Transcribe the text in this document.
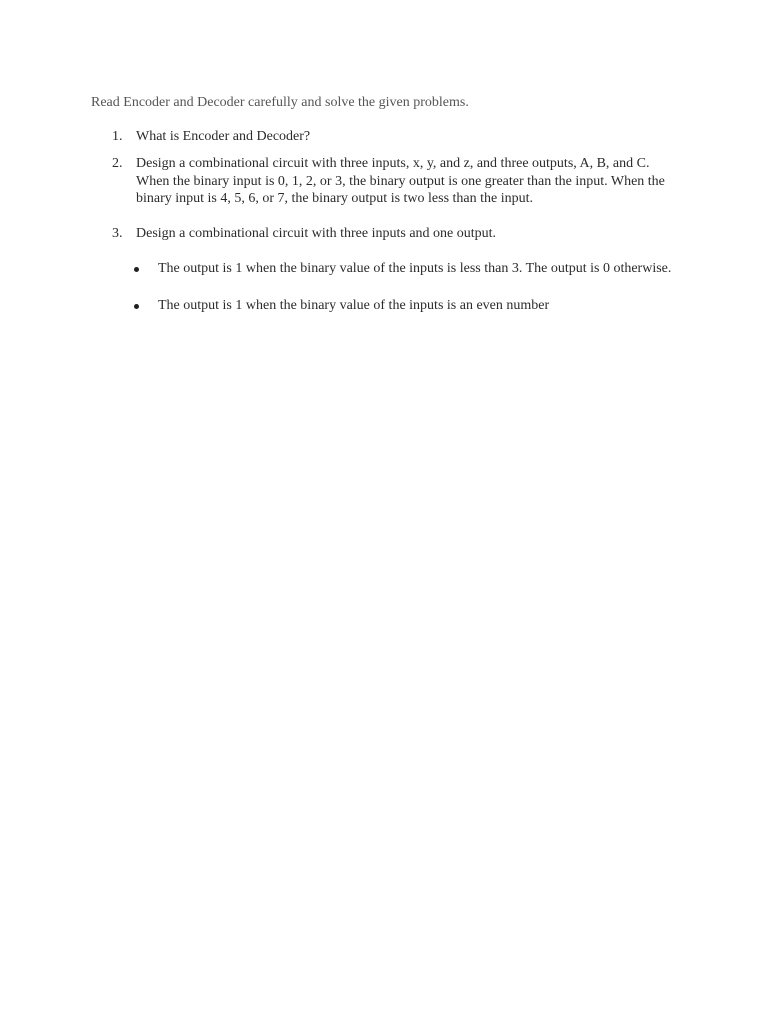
Read Encoder and Decoder carefully and solve the given problems.

1. What is Encoder and Decoder?
2. Design a combinational circuit with three inputs, x, y, and z, and three outputs, A, B, and C. When the binary input is 0, 1, 2, or 3, the binary output is one greater than the input. When the binary input is 4, 5, 6, or 7, the binary output is two less than the input.
3. Design a combinational circuit with three inputs and one output.
The output is 1 when the binary value of the inputs is less than 3. The output is 0 otherwise.
The output is 1 when the binary value of the inputs is an even number
